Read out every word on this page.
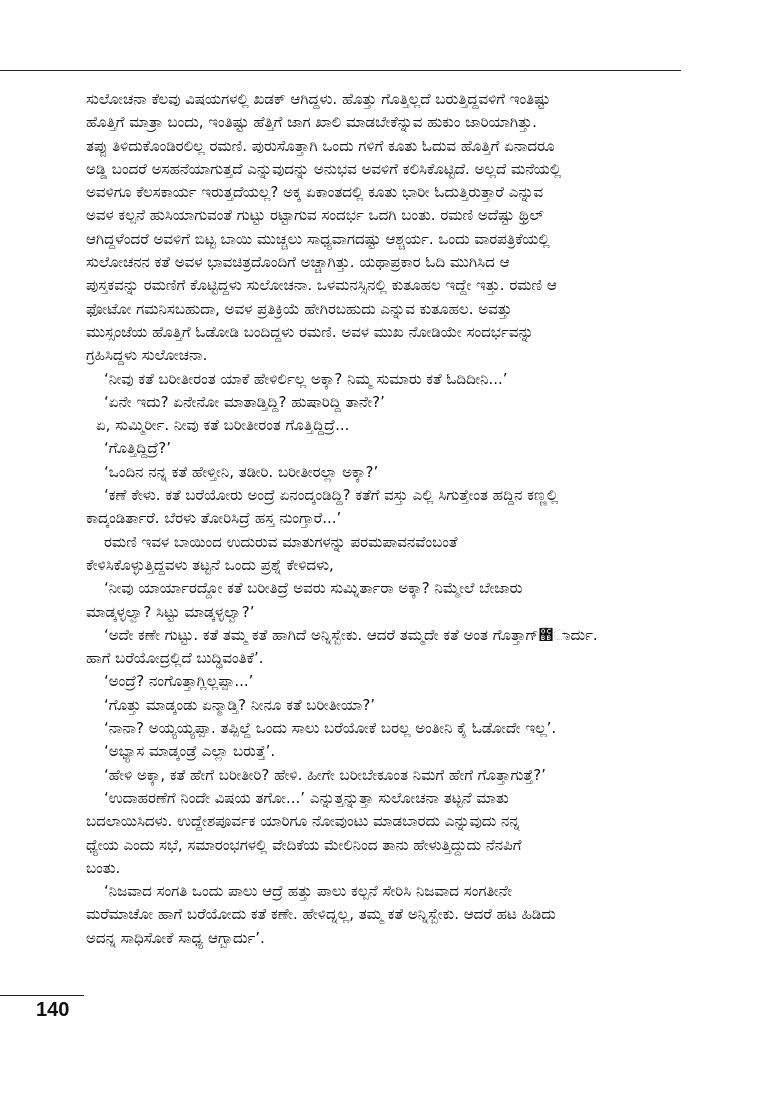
ಸುಲೋಚನಾ ಕೆಲವು ವಿಷಯಗಳಲ್ಲಿ ಖಡಕ್ ಆಗಿದ್ದಳು. ಹೊತ್ತು ಗೊತ್ತಿಲ್ಲದೆ ಬರುತ್ತಿದ್ದವಳಿಗೆ ಇಂತಿಷ್ಟು
ಹೊತ್ತಿಗೆ ಮಾತ್ರಾ ಬಂದು, ಇಂತಿಷ್ಟು ಹೆತ್ತಿಗೆ ಜಾಗ ಖಾಲಿ ಮಾಡಬೇಕೆನ್ನುವ ಹುಕುಂ ಜಾರಿಯಾಗಿತ್ತು.
ತಪ್ಪು ತಿಳಿದುಕೊಂಡಿರಲಿಲ್ಲ ರಮಣಿ. ಪುರುಸೊತ್ತಾಗಿ ಒಂದು ಗಳಿಗೆ ಕೂತು ಓದುವ ಹೊತ್ತಿಗೆ ಏನಾದರೂ
ಅಡ್ಡಿ ಬಂದರೆ ಅಸಹನೆಯಾಗುತ್ತದೆ ಎನ್ನುವುದನ್ನು ಅನುಭವ ಅವಳಿಗೆ ಕಲಿಸಿಕೊಟ್ಟಿದೆ. ಅಲ್ಲದೆ ಮನೆಯಲ್ಲಿ
ಅವಳಿಗೂ ಕೆಲಸಕಾರ್ಯ ಇರುತ್ತದೆಯಲ್ಲ? ಅಕ್ಕ ಏಕಾಂತದಲ್ಲಿ ಕೂತು ಭಾರೀ ಓದುತ್ತಿರುತ್ತಾರೆ ಎನ್ನುವ
ಅವಳ ಕಲ್ಪನೆ ಹುಸಿಯಾಗುವಂತೆ ಗುಟ್ಟು ರಟ್ಟಾಗುವ ಸಂದರ್ಭ ಒದಗಿ ಬಂತು. ರಮಣಿ ಅದೆಷ್ಟು ಥ್ರಿಲ್
ಆಗಿದ್ದಳೆಂದರೆ ಅವಳಿಗೆ ಬಿಟ್ಟ ಬಾಯಿ ಮುಚ್ಚಲು ಸಾಧ್ಯವಾಗದಷ್ಟು ಆಶ್ಚರ್ಯ. ಒಂದು ವಾರಪತ್ರಿಕೆಯಲ್ಲಿ
ಸುಲೋಚನನ ಕತೆ ಅವಳ ಭಾವಚಿತ್ರದೊಂದಿಗೆ ಅಚ್ಚಾಗಿತ್ತು. ಯಥಾಪ್ರಕಾರ ಓದಿ ಮುಗಿಸಿದ ಆ
ಪುಸ್ತಕವನ್ನು ರಮಣಿಗೆ ಕೊಟ್ಟಿದ್ದಳು ಸುಲೋಚನಾ. ಒಳಮನಸ್ಸಿನಲ್ಲಿ ಕುತೂಹಲ ಇದ್ದೇ ಇತ್ತು. ರಮಣಿ ಆ
ಫೋಟೋ ಗಮನಿಸಬಹುದಾ, ಅವಳ ಪ್ರತಿಕ್ರಿಯೆ ಹೇಗಿರಬಹುದು ಎನ್ನುವ ಕುತೂಹಲ. ಅವತ್ತು
ಮುಸ್ಸಂಜೆಯ ಹೊತ್ತಿಗೆ ಓಡೋಡಿ ಬಂದಿದ್ದಳು ರಮಣಿ. ಅವಳ ಮುಖ ನೋಡಿಯೇ ಸಂದರ್ಭವನ್ನು
ಗ್ರಹಿಸಿದ್ದಳು ಸುಲೋಚನಾ.
‘ನೀವು ಕತೆ ಬರೀತೀರಂತ ಯಾಕೆ ಹೇಳಿರ್ಲಿಲ್ಲ ಅಕ್ಕಾ? ನಿಮ್ಮ ಸುಮಾರು ಕತೆ ಓದಿದೀನಿ...’
‘ಏನೇ ಇದು? ಏನೇನೋ ಮಾತಾಡ್ತಿದ್ದಿ? ಹುಷಾರಿದ್ದಿ ತಾನೇ?’
ಏ, ಸುಮ್ಮಿರ್ರೀ. ನೀವು ಕತೆ ಬರೀತೀರಂತ ಗೊತ್ತಿದ್ದಿದ್ರೆ...
‘ಗೊತ್ತಿದ್ದಿದ್ರೆ?’
‘ಒಂದಿನ ನನ್ನ ಕತೆ ಹೇಳ್ತೀನಿ, ತಡೀರಿ. ಬರೀತೀರಲ್ಲಾ ಅಕ್ಕಾ?’
‘ಕಣೆ ಕೇಳು. ಕತೆ ಬರೆಯೋರು ಅಂದ್ರೆ ಏನಂದ್ಕಂಡಿದ್ದಿ? ಕತೆಗೆ ವಸ್ತು ಎಲ್ಲಿ ಸಿಗುತ್ತೇಂತ ಹದ್ದಿನ ಕಣ್ಣಲ್ಲಿ
ಕಾದ್ಕಂಡಿರ್ತಾರೆ. ಬೆರಳು ತೋರಿಸಿದ್ರೆ ಹಸ್ತ ನುಂಗ್ತಾರೆ...’
ರಮಣಿ ಇವಳ ಬಾಯಿಂದ ಉದುರುವ ಮಾತುಗಳನ್ನು ಪರಮಪಾವನವೆಂಬಂತೆ
ಕೇಳಿಸಿಕೊಳ್ಳುತ್ತಿದ್ದವಳು ತಟ್ಟನೆ ಒಂದು ಪ್ರಶ್ನೆ ಕೇಳಿದಳು,
‘ನೀವು ಯಾರ್ಯಾರದ್ದೋ ಕತೆ ಬರೀತಿದ್ರೆ ಅವರು ಸುಮ್ನಿರ್ತಾರಾ ಅಕ್ಕಾ? ನಿಮ್ಮೇಲೆ ಬೇಜಾರು
ಮಾಡ್ಕಳ್ಳಲ್ವಾ? ಸಿಟ್ಟು ಮಾಡ್ಕಳ್ಳಲ್ವಾ?’
‘ಅದೇ ಕಣೇ ಗುಟ್ಟು. ಕತೆ ತಮ್ಮ ಕತೆ ಹಾಗಿದೆ ಅನ್ನಿಸ್ಬೇಕು. ಆದರೆ ತಮ್ಮದೇ ಕತೆ ಅಂತ ಗೊತ್ತಾಗ್಻ಾರ್ದು.
ಹಾಗೆ ಬರೆಯೋದ್ರಲ್ಲಿದೆ ಬುದ್ಧಿವಂತಿಕೆ’.
‘ಅಂದ್ರೆ? ನಂಗೊತ್ತಾಗ್ಲಿಲ್ಲಪ್ಪಾ...’
‘ಗೊತ್ತು ಮಾಡ್ಕಂಡು ಏನ್ಮಾಡ್ತಿ? ನೀನೂ ಕತೆ ಬರೀತೀಯಾ?’
‘ನಾನಾ? ಅಯ್ಯಯ್ಯಪ್ಪಾ. ತಪ್ಪಿಲ್ದೆ ಒಂದು ಸಾಲು ಬರೆಯೋಕೆ ಬರಲ್ಲ ಅಂತೀನಿ ಕೈ ಓಡೋದೇ ಇಲ್ಲ’.
‘ಅಭ್ಯಾಸ ಮಾಡ್ಕಂಡ್ರೆ ಎಲ್ಲಾ ಬರುತ್ತೆ’.
‘ಹೇಳಿ ಅಕ್ಕಾ, ಕತೆ ಹೇಗೆ ಬರೀತೀರಿ? ಹೇಳಿ. ಹೀಗೇ ಬರೀಬೇಕೂಂತ ನಿಮಗೆ ಹೇಗೆ ಗೊತ್ತಾಗುತ್ತೆ?’
‘ಉದಾಹರಣೆಗೆ ನಿಂದೇ ವಿಷಯ ತಗೋ...’ ಎನ್ನುತ್ತನ್ನುತ್ತಾ ಸುಲೋಚನಾ ತಟ್ಟನೆ ಮಾತು
ಬದಲಾಯಿಸಿದಳು. ಉದ್ದೇಶಪೂರ್ವಕ ಯಾರಿಗೂ ನೋವುಂಟು ಮಾಡಬಾರದು ಎನ್ನುವುದು ನನ್ನ
ಧ್ಯೇಯ ಎಂದು ಸಭೆ, ಸಮಾರಂಭಗಳಲ್ಲಿ ವೇದಿಕೆಯ ಮೇಲಿನಿಂದ ತಾನು ಹೇಳುತ್ತಿದ್ದುದು ನೆನಪಿಗೆ
ಬಂತು.
‘ನಿಜವಾದ ಸಂಗತಿ ಒಂದು ಪಾಲು ಆದ್ರೆ ಹತ್ತು ಪಾಲು ಕಲ್ಪನೆ ಸೇರಿಸಿ ನಿಜವಾದ ಸಂಗತೀನೇ
ಮರೆಮಾಚೋ ಹಾಗೆ ಬರೆಯೋದು ಕತೆ ಕಣೇ. ಹೇಳಿದ್ನಲ್ಲ, ತಮ್ಮ ಕತೆ ಅನ್ನಿಸ್ಬೇಕು. ಆದರೆ ಹಟ ಹಿಡಿದು
ಅದನ್ನ ಸಾಧಿಸೋಕೆ ಸಾಧ್ಯ ಆಗ್ಬಾರ್ದು’.
140
